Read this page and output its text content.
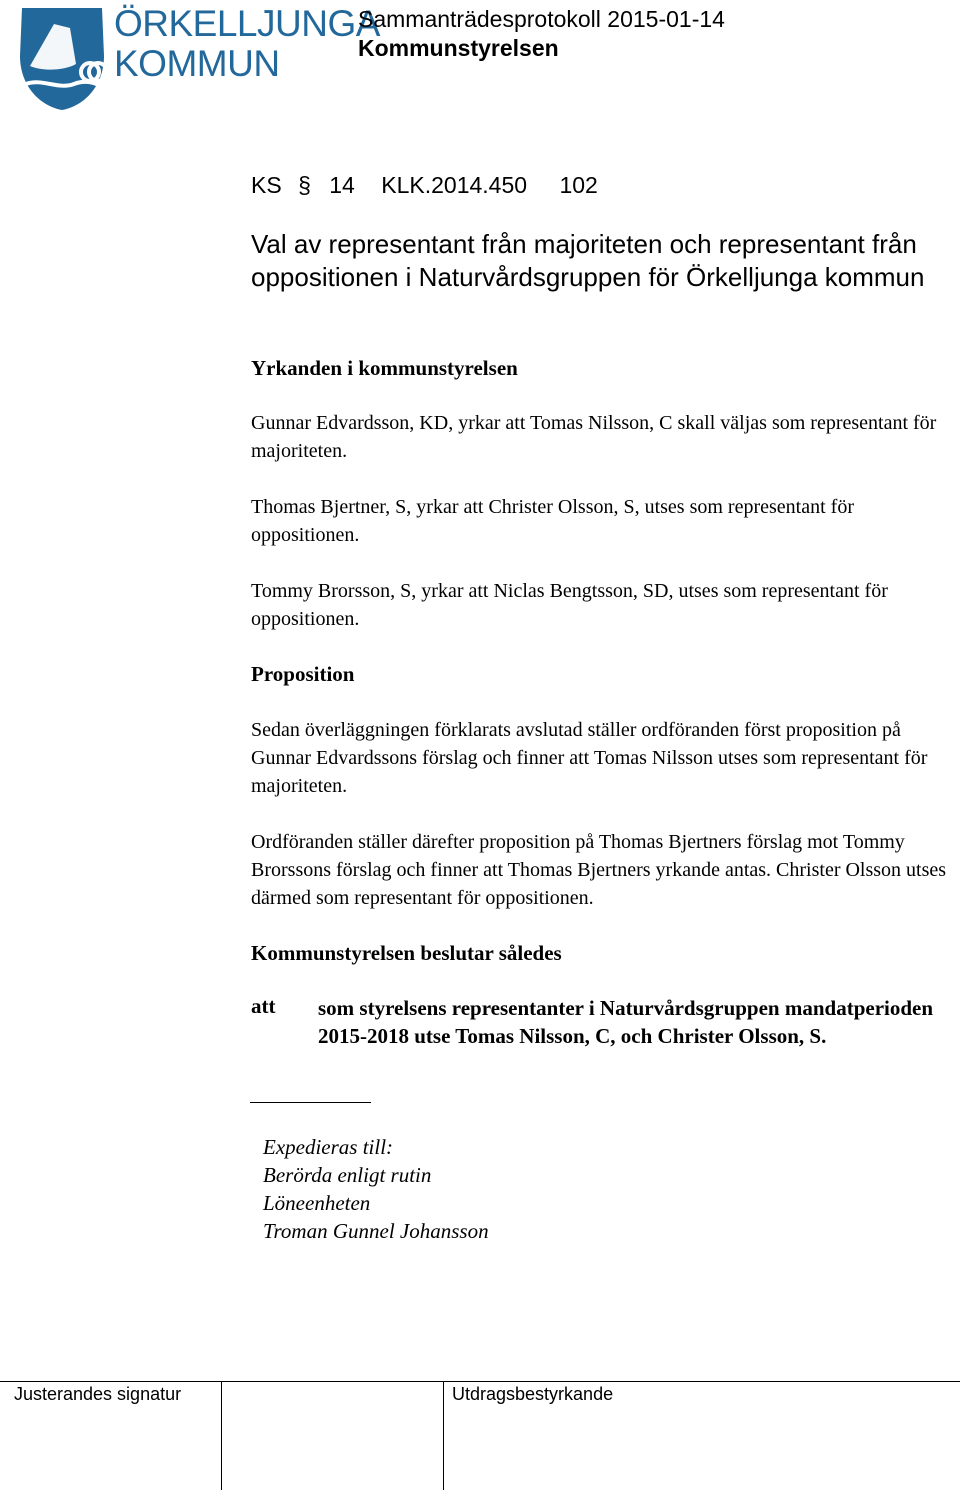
ÖRKELLJUNGA
KOMMUN
Sammanträdesprotokoll 2015-01-14
Kommunstyrelsen
KS § 14 KLK.2014.450 102
Val av representant från majoriteten och representant från oppositionen i Naturvårdsgruppen för Örkelljunga kommun
Yrkanden i kommunstyrelsen
Gunnar Edvardsson, KD, yrkar att Tomas Nilsson, C skall väljas som representant för majoriteten.
Thomas Bjertner, S, yrkar att Christer Olsson, S, utses som representant för oppositionen.
Tommy Brorsson, S, yrkar att Niclas Bengtsson, SD, utses som representant för oppositionen.
Proposition
Sedan överläggningen förklarats avslutad ställer ordföranden först proposition på Gunnar Edvardssons förslag och finner att Tomas Nilsson utses som representant för majoriteten.
Ordföranden ställer därefter proposition på Thomas Bjertners förslag mot Tommy Brorssons förslag och finner att Thomas Bjertners yrkande antas. Christer Olsson utses därmed som representant för oppositionen.
Kommunstyrelsen beslutar således
att som styrelsens representanter i Naturvårdsgruppen mandatperioden 2015-2018 utse Tomas Nilsson, C, och Christer Olsson, S.
Expedieras till:
Berörda enligt rutin
Löneenheten
Troman Gunnel Johansson
Justerandes signatur	Utdragsbestyrkande
